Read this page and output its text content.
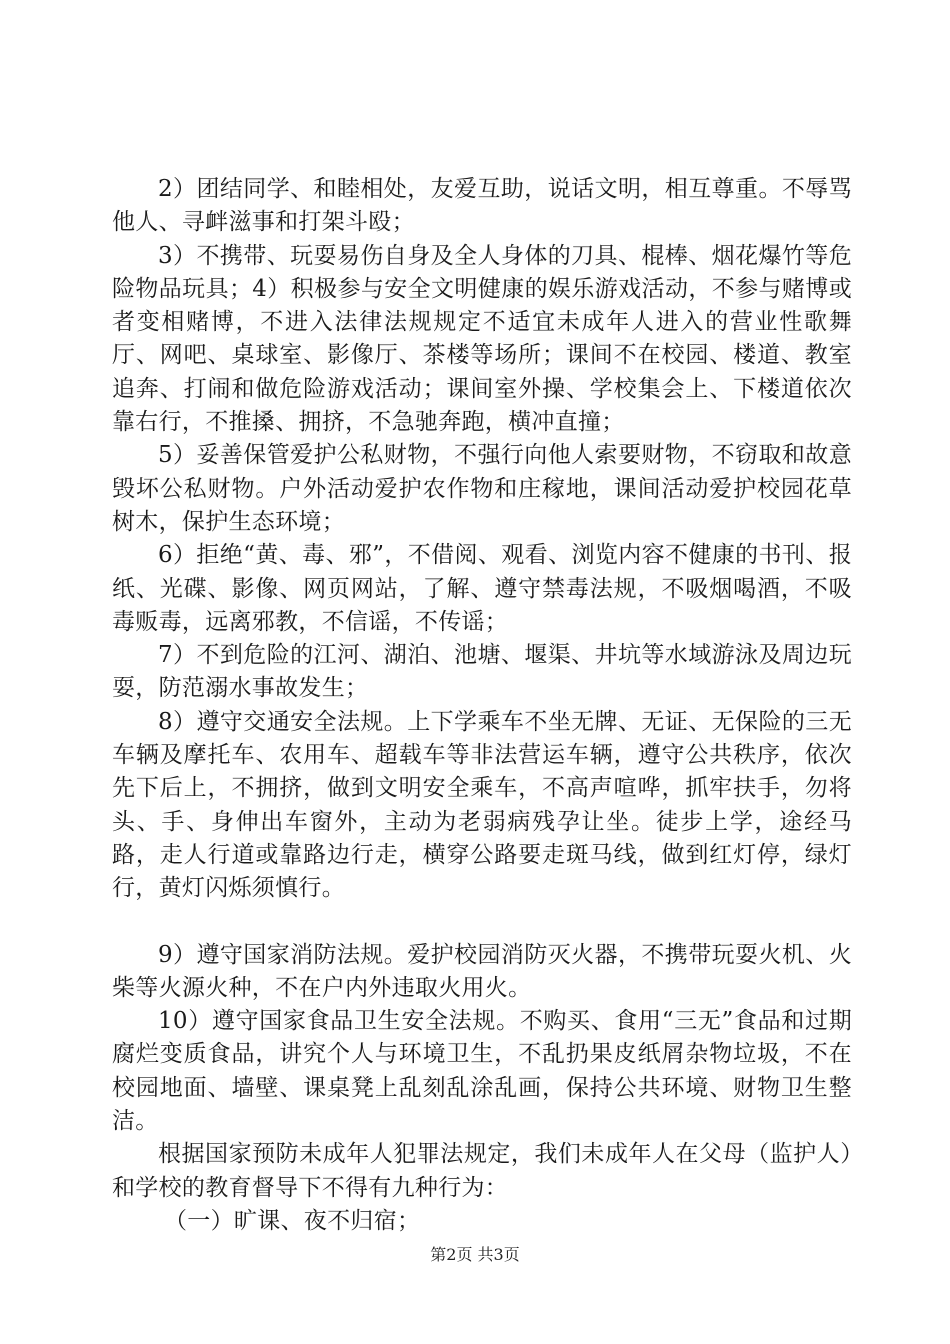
2）团结同学、和睦相处，友爱互助，说话文明，相互尊重。不辱骂他人、寻衅滋事和打架斗殴；

3）不携带、玩耍易伤自身及全人身体的刀具、棍棒、烟花爆竹等危险物品玩具；4）积极参与安全文明健康的娱乐游戏活动，不参与赌博或者变相赌博，不进入法律法规规定不适宜未成年人进入的营业性歌舞厅、网吧、桌球室、影像厅、茶楼等场所；课间不在校园、楼道、教室追奔、打闹和做危险游戏活动；课间室外操、学校集会上、下楼道依次靠右行，不推搡、拥挤，不急驰奔跑，横冲直撞；

5）妥善保管爱护公私财物，不强行向他人索要财物，不窃取和故意毁坏公私财物。户外活动爱护农作物和庄稼地，课间活动爱护校园花草树木，保护生态环境；

6）拒绝“黄、毒、邪”，不借阅、观看、浏览内容不健康的书刊、报纸、光碟、影像、网页网站，了解、遵守禁毒法规，不吸烟喝酒，不吸毒贩毒，远离邪教，不信谣，不传谣；

7）不到危险的江河、湖泊、池塘、堰渠、井坑等水域游泳及周边玩耍，防范溺水事故发生；

8）遵守交通安全法规。上下学乘车不坐无牌、无证、无保险的三无车辆及摩托车、农用车、超载车等非法营运车辆，遵守公共秩序，依次先下后上，不拥挤，做到文明安全乘车，不高声喧哗，抓牢扶手，勿将头、手、身伸出车窗外，主动为老弱病残孕让坐。徒步上学，途经马路，走人行道或靠路边行走，横穿公路要走斑马线，做到红灯停，绿灯行，黄灯闪烁须慎行。

9）遵守国家消防法规。爱护校园消防灭火器，不携带玩耍火机、火柴等火源火种，不在户内外违取火用火。

10）遵守国家食品卫生安全法规。不购买、食用“三无”食品和过期腐烂变质食品，讲究个人与环境卫生，不乱扔果皮纸屑杂物垃圾，不在校园地面、墙壁、课桌凳上乱刻乱涂乱画，保持公共环境、财物卫生整洁。

根据国家预防未成年人犯罪法规定，我们未成年人在父母（监护人）和学校的教育督导下不得有九种行为：

（一）旷课、夜不归宿；

第2页 共3页
